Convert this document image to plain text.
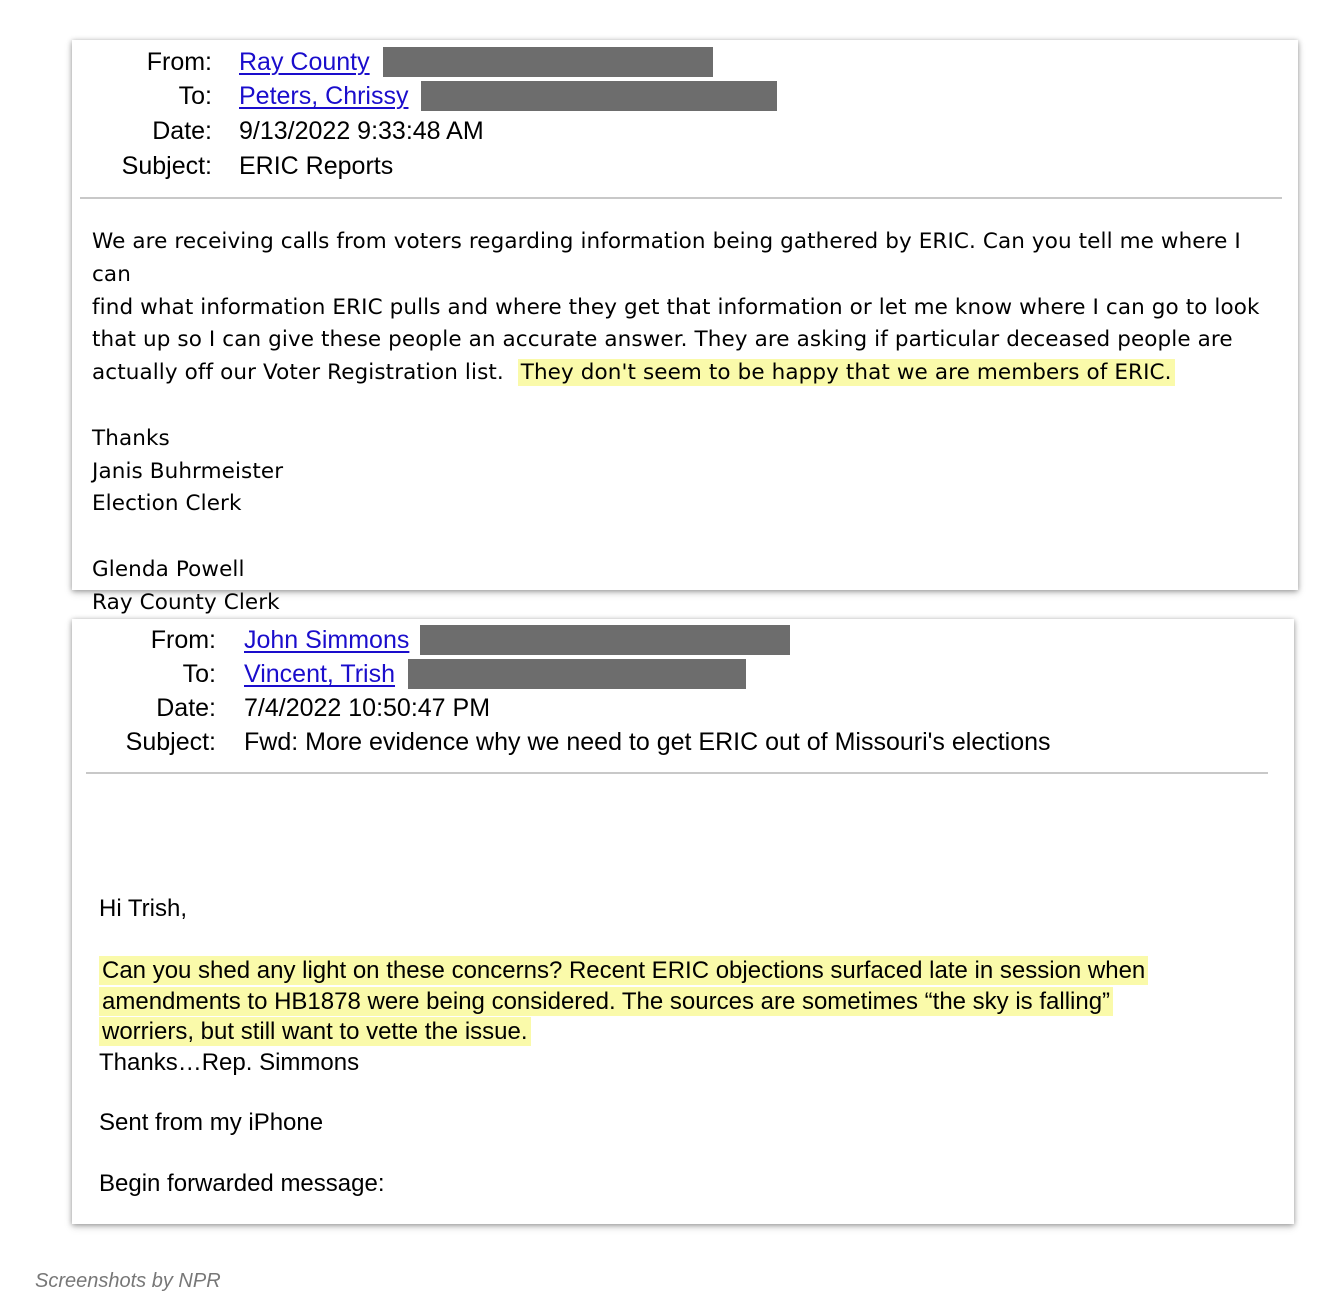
From: Ray County
To: Peters, Chrissy
Date: 9/13/2022 9:33:48 AM
Subject: ERIC Reports

We are receiving calls from voters regarding information being gathered by ERIC. Can you tell me where I can

find what information ERIC pulls and where they get that information or let me know where I can go to look

that up so I can give these people an accurate answer. They are asking if particular deceased people are

actually off our Voter Registration list. They don't seem to be happy that we are members of ERIC.

Thanks

Janis Buhrmeister

Election Clerk

Glenda Powell

Ray County Clerk

From: John Simmons
To: Vincent, Trish
Date: 7/4/2022 10:50:47 PM
Subject: Fwd: More evidence why we need to get ERIC out of Missouri's elections
Hi Trish,
Can you shed any light on these concerns? Recent ERIC objections surfaced late in session when
amendments to HB1878 were being considered. The sources are sometimes “the sky is falling”
worriers, but still want to vette the issue.
Thanks…Rep. Simmons
Sent from my iPhone
Begin forwarded message:
Screenshots by NPR
